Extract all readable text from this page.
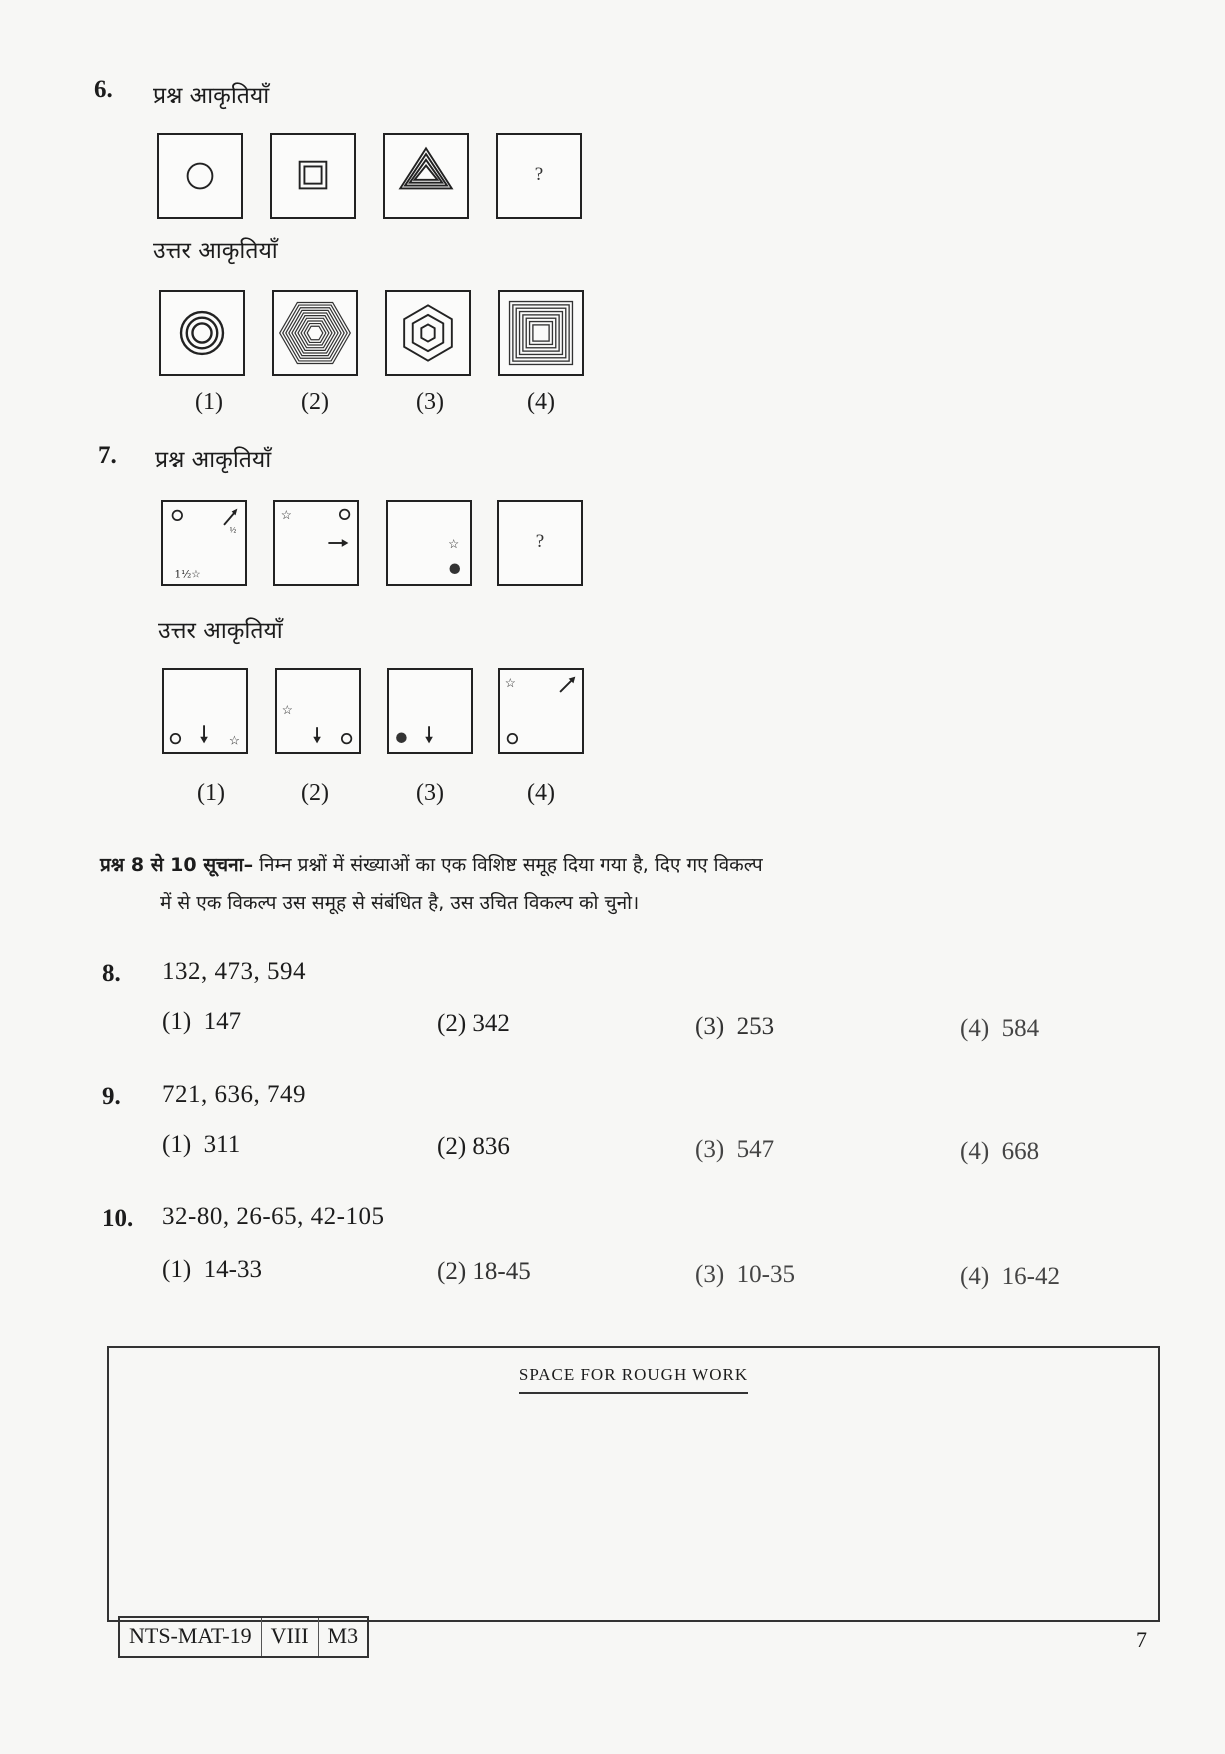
6. प्रश्न आकृतियाँ
?
उत्तर आकृतियाँ
(1)	(2)	(3)	(4)
7. प्रश्न आकृतियाँ
½
1½☆
☆
☆	?
उत्तर आकृतियाँ
☆
☆
☆
(1)	(2)	(3)	(4)
प्रश्न 8 से 10 सूचना– निम्न प्रश्नों में संख्याओं का एक विशिष्ट समूह दिया गया है, दिए गए विकल्प
में से एक विकल्प उस समूह से संबंधित है, उस उचित विकल्प को चुनो।
8. 132, 473, 594
(1)  147	(2) 342	(3)  253	(4)  584
9. 721, 636, 749
(1)  311	(2) 836	(3)  547	(4)  668
10. 32-80, 26-65, 42-105
(1)  14-33	(2) 18-45	(3)  10-35	(4)  16-42
SPACE FOR ROUGH WORK
NTS-MAT-19 VIII M3	7
